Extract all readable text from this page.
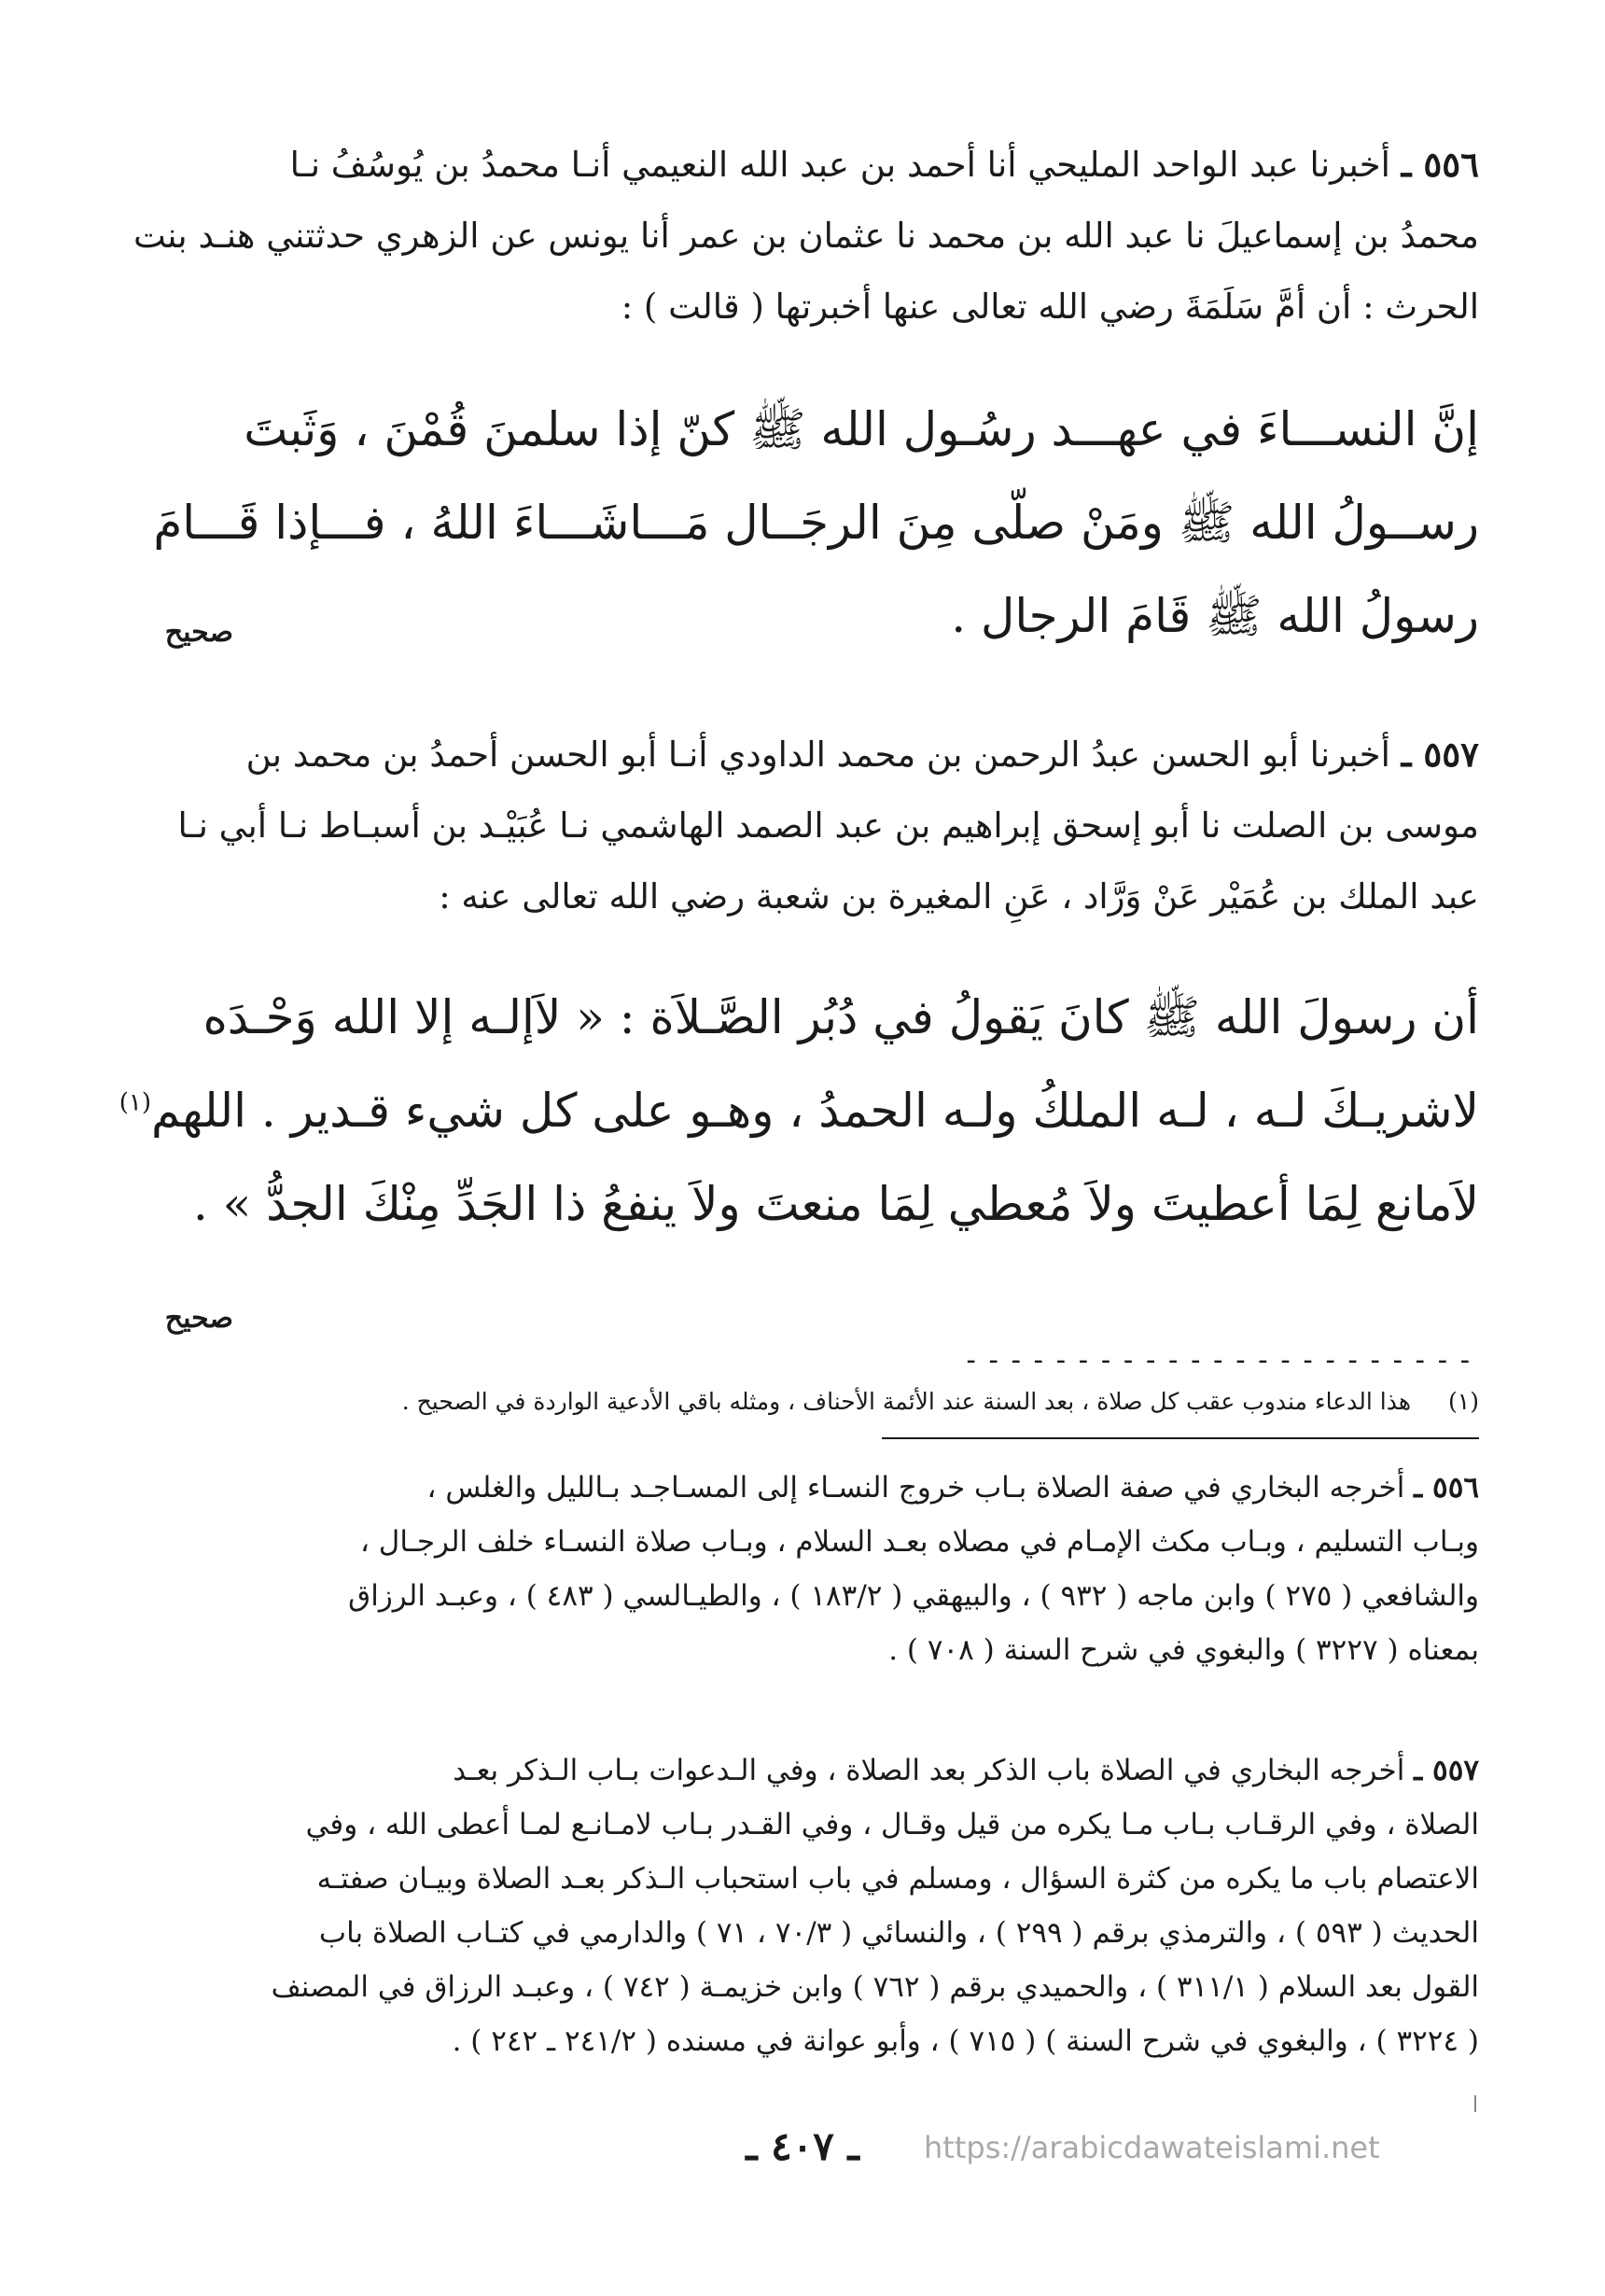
٥٥٦ ـ أخبرنا عبد الواحد المليحي أنا أحمد بن عبد الله النعيمي أنـا محمدُ بن يُوسُفُ نـا
محمدُ بن إسماعيلَ نا عبد الله بن محمد نا عثمان بن عمر أنا يونس عن الزهري حدثتني هنـد بنت
الحرث : أن أمَّ سَلَمَةَ رضي الله تعالى عنها أخبرتها ( قالت ) :
إنَّ النســـاءَ في عهـــد رسُـول الله ﷺ كنّ إذا سلمنَ قُمْنَ ، وَثَبتَ
رســولُ الله ﷺ ومَنْ صلّى مِنَ الرجَــال مَـــاشَـــاءَ اللهُ ، فـــإذا قَـــامَ
رسولُ الله ﷺ قَامَ الرجال .
صحيح
٥٥٧ ـ أخبرنا أبو الحسن عبدُ الرحمن بن محمد الداودي أنـا أبو الحسن أحمدُ بن محمد بن
موسى بن الصلت نا أبو إسحق إبراهيم بن عبد الصمد الهاشمي نـا عُبَيْـد بن أسبـاط نـا أبي نـا
عبد الملك بن عُمَيْر عَنْ وَرَّاد ، عَنِ المغيرة بن شعبة رضي الله تعالى عنه :
أن رسولَ الله ﷺ كانَ يَقولُ في دُبُر الصَّـلاَة : « لاَإلـه إلا الله وَحْـدَه
لاشريـكَ لـه ، لـه الملكُ ولـه الحمدُ ، وهـو على كل شيء قـدير . اللهم$^{(١)}$
لاَمانع لِمَا أعطيتَ ولاَ مُعطي لِمَا منعتَ ولاَ ينفعُ ذا الجَدِّ مِنْكَ الجدُّ » .
صحيح
-----------------------
(١)هذا الدعاء مندوب عقب كل صلاة ، بعد السنة عند الأئمة الأحناف ، ومثله باقي الأدعية الواردة في الصحيح .
٥٥٦ ـ أخرجه البخاري في صفة الصلاة بـاب خروج النسـاء إلى المسـاجـد بـالليل والغلس ،
وبـاب التسليم ، وبـاب مكث الإمـام في مصلاه بعـد السلام ، وبـاب صلاة النسـاء خلف الرجـال ،
والشافعي ( ٢٧٥ ) وابن ماجه ( ٩٣٢ ) ، والبيهقي ( ١٨٣/٢ ) ، والطيـالسي ( ٤٨٣ ) ، وعبـد الرزاق
بمعناه ( ٣٢٢٧ ) والبغوي في شرح السنة ( ٧٠٨ ) .
٥٥٧ ـ أخرجه البخاري في الصلاة باب الذكر بعد الصلاة ، وفي الـدعوات بـاب الـذكر بعـد
الصلاة ، وفي الرقـاب بـاب مـا يكره من قيل وقـال ، وفي القـدر بـاب لامـانـع لمـا أعطى الله ، وفي
الاعتصام باب ما يكره من كثرة السؤال ، ومسلم في باب استحباب الـذكر بعـد الصلاة وبيـان صفتـه
الحديث ( ٥٩٣ ) ، والترمذي برقم ( ٢٩٩ ) ، والنسائي ( ٧٠/٣ ، ٧١ ) والدارمي في كتـاب الصلاة باب
القول بعد السلام ( ٣١١/١ ) ، والحميدي برقم ( ٧٦٢ ) وابن خزيمـة ( ٧٤٢ ) ، وعبـد الرزاق في المصنف
( ٣٢٢٤ ) ، والبغوي في شرح السنة ) ( ٧١٥ ) ، وأبو عوانة في مسنده ( ٢٤١/٢ ـ ٢٤٢ ) .
ـ ٤٠٧ ـ	https://arabicdawateislami.net
